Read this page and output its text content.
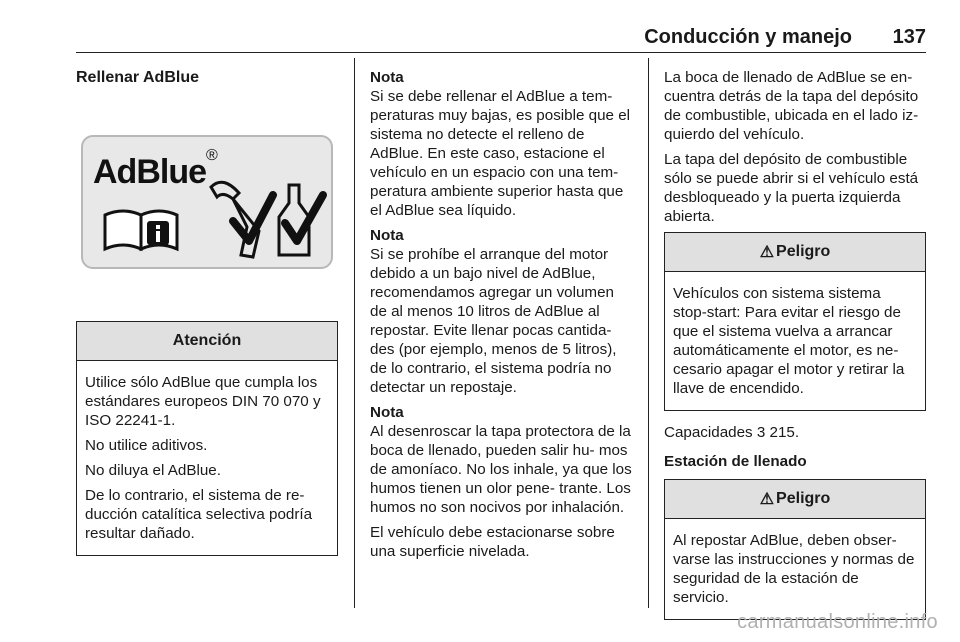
Conducción y manejo 137

Rellenar AdBlue

AdBlue®
Atención

Utilice sólo AdBlue que cumpla los estándares europeos DIN 70 070 y ISO 22241-1.

No utilice aditivos.

No diluya el AdBlue.

De lo contrario, el sistema de re- ducción catalítica selectiva podría resultar dañado.

Nota

Si se debe rellenar el AdBlue a tem- peraturas muy bajas, es posible que el sistema no detecte el relleno de AdBlue. En este caso, estacione el vehículo en un espacio con una tem- peratura ambiente superior hasta que el AdBlue sea líquido.

Nota

Si se prohíbe el arranque del motor debido a un bajo nivel de AdBlue, recomendamos agregar un volumen de al menos 10 litros de AdBlue al repostar. Evite llenar pocas cantida- des (por ejemplo, menos de 5 litros), de lo contrario, el sistema podría no detectar un repostaje.

Nota

Al desenroscar la tapa protectora de la boca de llenado, pueden salir hu- mos de amoníaco. No los inhale, ya que los humos tienen un olor pene- trante. Los humos no son nocivos por inhalación.

El vehículo debe estacionarse sobre una superficie nivelada.

La boca de llenado de AdBlue se en- cuentra detrás de la tapa del depósito de combustible, ubicada en el lado iz- quierdo del vehículo.

La tapa del depósito de combustible sólo se puede abrir si el vehículo está desbloqueado y la puerta izquierda abierta.

⚠ Peligro

Vehículos con sistema sistema stop-start: Para evitar el riesgo de que el sistema vuelva a arrancar automáticamente el motor, es ne- cesario apagar el motor y retirar la llave de encendido.

Capacidades 3 215.

Estación de llenado

⚠ Peligro

Al repostar AdBlue, deben obser- varse las instrucciones y normas de seguridad de la estación de servicio.

carmanualsonline.info
